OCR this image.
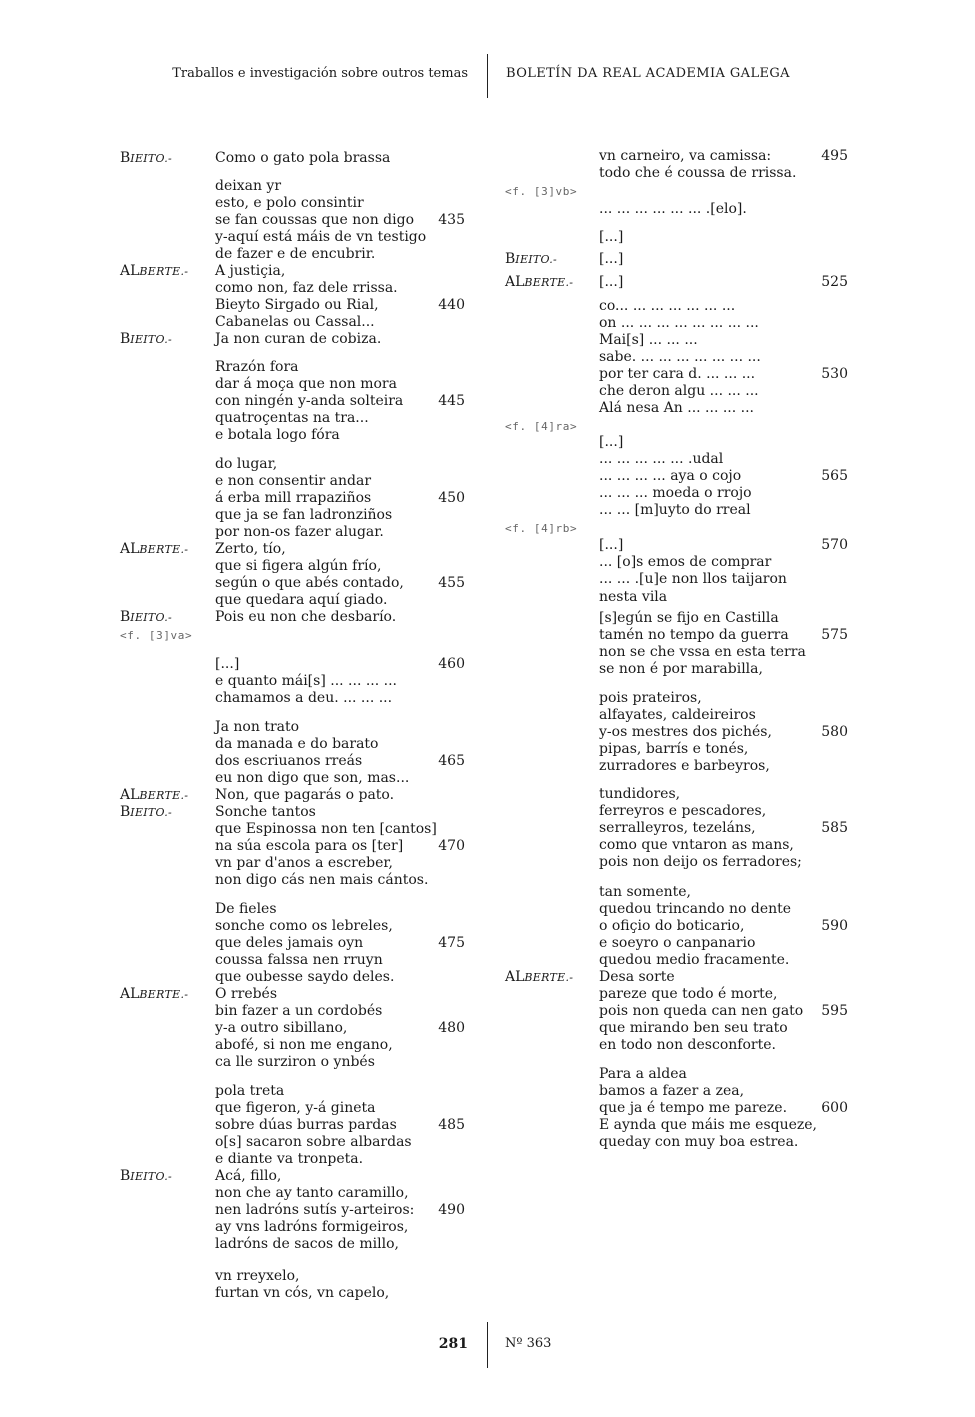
Traballos e investigación sobre outros temas	BOLETÍN DA REAL ACADEMIA GALEGA
BIEITO.-	Como o gato pola brassa
deixan yr
esto, e polo consintir
se fan coussas que non digo	435
y-aquí está máis de vn testigo
de fazer e de encubrir.
ALBERTE.- A justiçia,
como non, faz dele rrissa.
Bieyto Sirgado ou Rial,	440
Cabanelas ou Cassal...
BIEITO.-	Ja non curan de cobiza.
Rrazón fora
dar á moça que non mora
con ningén y-anda solteira	445
quatroçentas na tra...
e botala logo fóra
do lugar,
e non consentir andar
á erba mill rrapaziños	450
que ja se fan ladronziños
por non-os fazer alugar.
ALBERTE.- Zerto, tío,
que si figera algún frío,
según o que abés contado,	455
que quedara aquí giado.
BIEITO.-	Pois eu non che desbarío.
<f. [3]va>
[...]	460
e quanto mái[s] ... ... ... ...
chamamos a deu. ... ... ...
Ja non trato
da manada e do barato
dos escriuanos rreás	465
eu non digo que son, mas...
ALBERTE.- Non, que pagarás o pato.
BIEITO.-	Sonche tantos
que Espinossa non ten [cantos]
na súa escola para os [ter]	470
vn par d'anos a escreber,
non digo cás nen mais cántos.
De fieles
sonche como os lebreles,
que deles jamais oyn	475
coussa falssa nen rruyn
que oubesse saydo deles.
ALBERTE.- O rrebés
bin fazer a un cordobés
y-a outro sibillano,	480
abofé, si non me engano,
ca lle surziron o ynbés
pola treta
que figeron, y-á gineta
sobre dúas burras pardas	485
o[s] sacaron sobre albardas
e diante va tronpeta.
BIEITO.-	Acá, fillo,
non che ay tanto caramillo,
nen ladróns sutís y-arteiros:	490
ay vns ladróns formigeiros,
ladróns de sacos de millo,
vn rreyxelo,
furtan vn cós, vn capelo,
vn carneiro, va camissa:	495
todo che é coussa de rrissa.
<f. [3]vb>
... ... ... ... ... ... .[elo].
[...]
BIEITO.-	[...]
ALBERTE.- [...]	525
co... ... ... ... ... ... ...
on ... ... ... ... ... ... ... ...
Mai[s] ... ... ...
sabe. ... ... ... ... ... ... ...
por ter cara d. ... ... ...	530
che deron algu ... ... ...
Alá nesa An ... ... ... ...
<f. [4]ra>
[...]
... ... ... ... ... .udal
... ... ... ... aya o cojo	565
... ... ... moeda o rrojo
... ... [m]uyto do rreal
<f. [4]rb>
[...]	570
... [o]s emos de comprar
... ... .[u]e non llos taijaron
nesta vila
[s]egún se fijo en Castilla
tamén no tempo da guerra	575
non se che vssa en esta terra
se non é por marabilla,
pois prateiros,
alfayates, caldeireiros
y-os mestres dos pichés,	580
pipas, barrís e tonés,
zurradores e barbeyros,
tundidores,
ferreyros e pescadores,
serralleyros, tezeláns,	585
como que vntaron as mans,
pois non deijo os ferradores;
tan somente,
quedou trincando no dente
o ofiçio do boticario,	590
e soeyro o canpanario
quedou medio fracamente.
ALBERTE.- Desa sorte
pareze que todo é morte,
pois non queda can nen gato	595
que mirando ben seu trato
en todo non desconforte.
Para a aldea
bamos a fazer a zea,
que ja é tempo me pareze.	600
E aynda que máis me esqueze,
queday con muy boa estrea.
281	Nº 363
